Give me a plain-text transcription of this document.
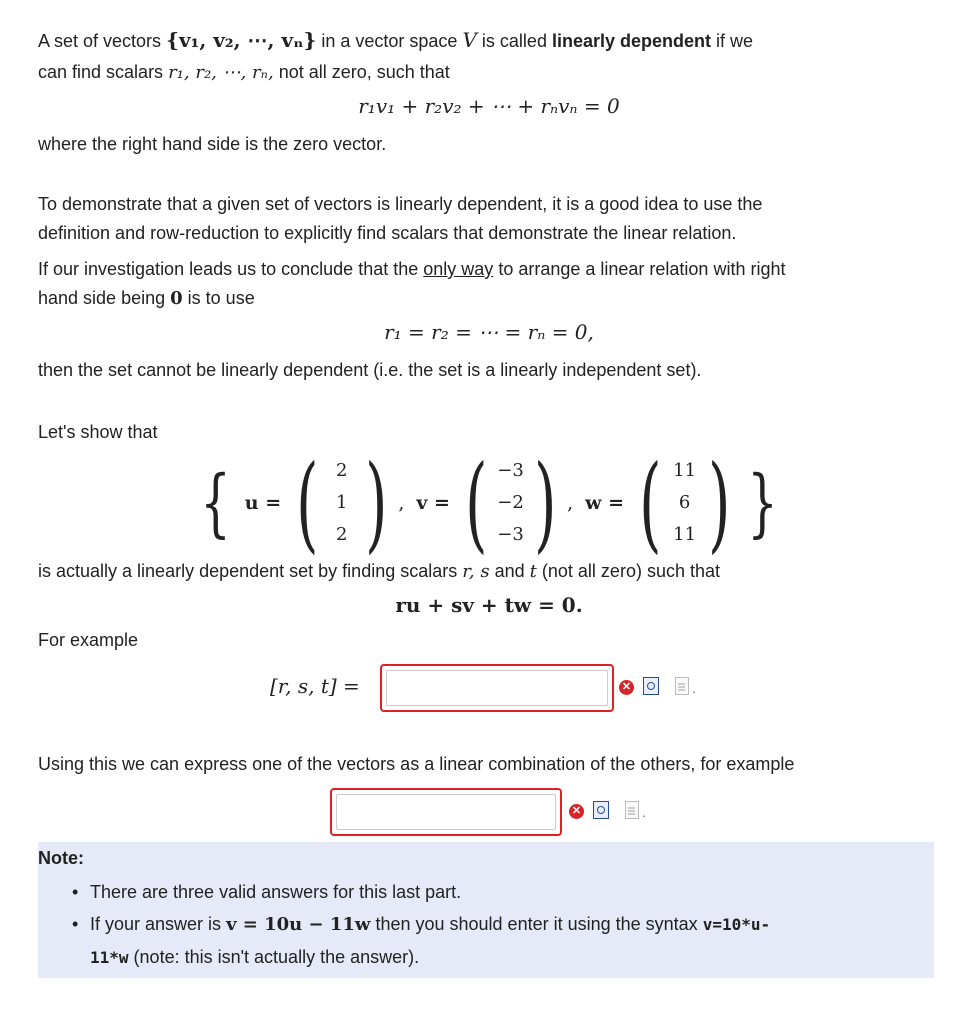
A set of vectors {v₁, v₂, ⋯, vₙ} in a vector space V is called linearly dependent if we
can find scalars r₁, r₂, ⋯, rₙ, not all zero, such that
r₁v₁ + r₂v₂ + ⋯ + rₙvₙ = 0
where the right hand side is the zero vector.
To demonstrate that a given set of vectors is linearly dependent, it is a good idea to use the
definition and row-reduction to explicitly find scalars that demonstrate the linear relation.
If our investigation leads us to conclude that the only way to arrange a linear relation with right
hand side being 0 is to use
r₁ = r₂ = ⋯ = rₙ = 0,
then the set cannot be linearly dependent (i.e. the set is a linearly independent set).
Let's show that
{ u = ( 2
1
2 ) , v = ( −3
−2
−3 ) , w = ( 11
6
11 ) }
is actually a linearly dependent set by finding scalars r, s and t (not all zero) such that
ru + sv + tw = 0.
For example
[r, s, t] =	✕	.
Using this we can express one of the vectors as a linear combination of the others, for example
✕	.
Note:
• There are three valid answers for this last part.
• If your answer is v = 10u − 11w then you should enter it using the syntax v=10*u-
11*w (note: this isn't actually the answer).
